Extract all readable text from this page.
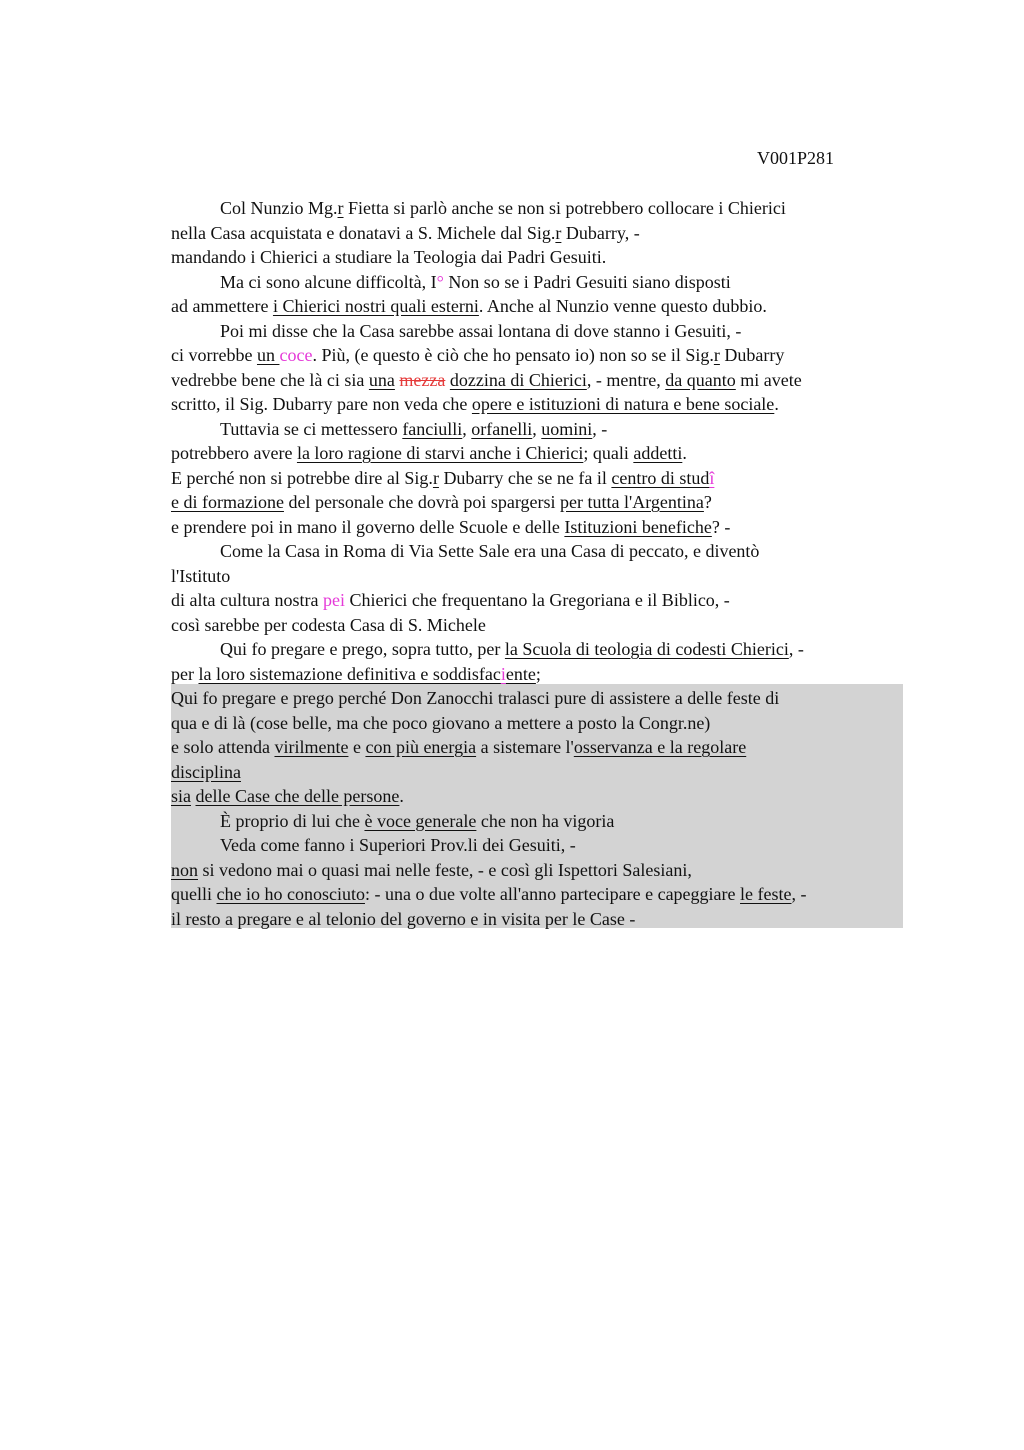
V001P281
Col Nunzio Mg.r Fietta si parlò anche se non si potrebbero collocare i Chierici
nella Casa acquistata e donatavi a S. Michele dal Sig.r Dubarry, -
mandando i Chierici a studiare la Teologia dai Padri Gesuiti.
Ma ci sono alcune difficoltà, I° Non so se i Padri Gesuiti siano disposti
ad ammettere i Chierici nostri quali esterni. Anche al Nunzio venne questo dubbio.
Poi mi disse che la Casa sarebbe assai lontana di dove stanno i Gesuiti, -
ci vorrebbe un coce. Più, (e questo è ciò che ho pensato io) non so se il Sig.r Dubarry
vedrebbe bene che là ci sia una mezza dozzina di Chierici, - mentre, da quanto mi avete
scritto, il Sig. Dubarry pare non veda che opere e istituzioni di natura e bene sociale.
Tuttavia se ci mettessero fanciulli, orfanelli, uomini, -
potrebbero avere la loro ragione di starvi anche i Chierici; quali addetti.
E perché non si potrebbe dire al Sig.r Dubarry che se ne fa il centro di studî
e di formazione del personale che dovrà poi spargersi per tutta l'Argentina?
e prendere poi in mano il governo delle Scuole e delle Istituzioni benefiche? -
Come la Casa in Roma di Via Sette Sale era una Casa di peccato, e diventò
l'Istituto
di alta cultura nostra pei Chierici che frequentano la Gregoriana e il Biblico, -
così sarebbe per codesta Casa di S. Michele
Qui fo pregare e prego, sopra tutto, per la Scuola di teologia di codesti Chierici, -
per la loro sistemazione definitiva e soddisfaciente;
Qui fo pregare e prego perché Don Zanocchi tralasci pure di assistere a delle feste di
qua e di là (cose belle, ma che poco giovano a mettere a posto la Congr.ne)
e solo attenda virilmente e con più energia a sistemare l'osservanza e la regolare
disciplina
sia delle Case che delle persone.
È proprio di lui che è voce generale che non ha vigoria
Veda come fanno i Superiori Prov.li dei Gesuiti, -
non si vedono mai o quasi mai nelle feste, - e così gli Ispettori Salesiani,
quelli che io ho conosciuto: - una o due volte all'anno partecipare e capeggiare le feste, -
il resto a pregare e al telonio del governo e in visita per le Case -
